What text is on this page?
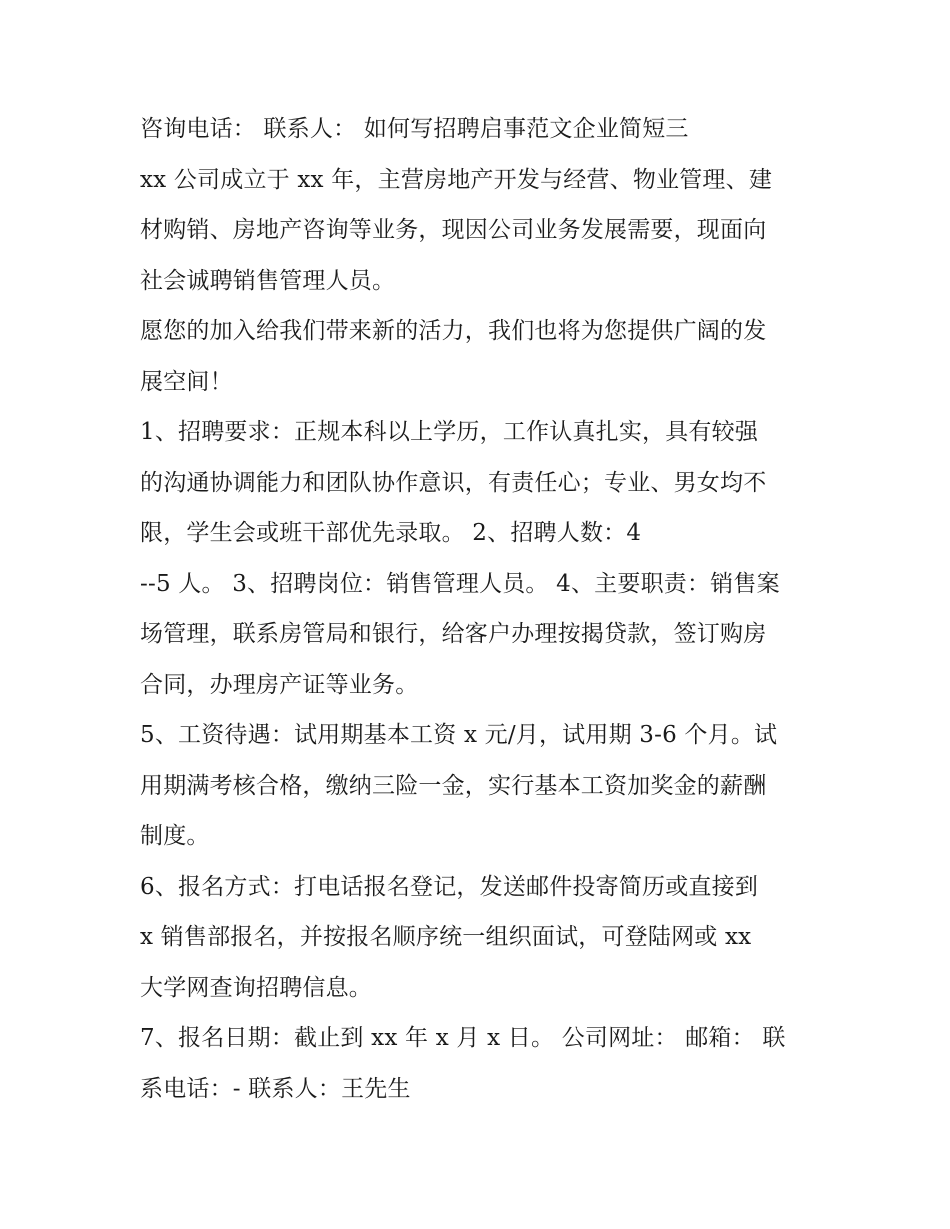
咨询电话： 联系人： 如何写招聘启事范文企业简短三
xx 公司成立于 xx 年，主营房地产开发与经营、物业管理、建
材购销、房地产咨询等业务，现因公司业务发展需要，现面向
社会诚聘销售管理人员。
愿您的加入给我们带来新的活力，我们也将为您提供广阔的发
展空间！
1、招聘要求：正规本科以上学历，工作认真扎实，具有较强
的沟通协调能力和团队协作意识，有责任心；专业、男女均不
限，学生会或班干部优先录取。 2、招聘人数：4
--5 人。 3、招聘岗位：销售管理人员。 4、主要职责：销售案
场管理，联系房管局和银行，给客户办理按揭贷款，签订购房
合同，办理房产证等业务。
5、工资待遇：试用期基本工资 x 元/月，试用期 3-6 个月。试
用期满考核合格，缴纳三险一金，实行基本工资加奖金的薪酬
制度。
6、报名方式：打电话报名登记，发送邮件投寄简历或直接到
x 销售部报名，并按报名顺序统一组织面试，可登陆网或 xx
大学网查询招聘信息。
7、报名日期：截止到 xx 年 x 月 x 日。 公司网址： 邮箱： 联
系电话：- 联系人：王先生
